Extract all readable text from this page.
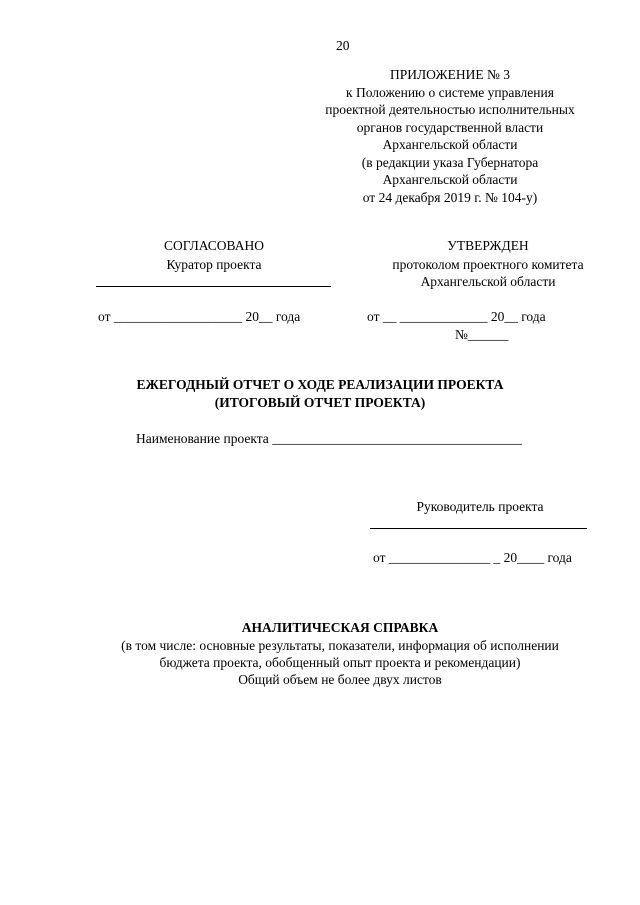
20
ПРИЛОЖЕНИЕ № 3
к Положению о системе управления
проектной деятельностью исполнительных
органов государственной власти
Архангельской области
(в редакции указа Губернатора
Архангельской области
от 24 декабря 2019 г. № 104-у)
СОГЛАСОВАНО
Куратор проекта
от ___________________ 20__ года
УТВЕРЖДЕН
протоколом проектного комитета
Архангельской области
от __ _____________ 20__ года
№______
ЕЖЕГОДНЫЙ ОТЧЕТ О ХОДЕ РЕАЛИЗАЦИИ ПРОЕКТА
(ИТОГОВЫЙ ОТЧЕТ ПРОЕКТА)
Наименование проекта _____________________________________
Руководитель проекта
от _______________ _ 20____ года
АНАЛИТИЧЕСКАЯ СПРАВКА
(в том числе: основные результаты, показатели, информация об исполнении
бюджета проекта, обобщенный опыт проекта и рекомендации)
Общий объем не более двух листов
